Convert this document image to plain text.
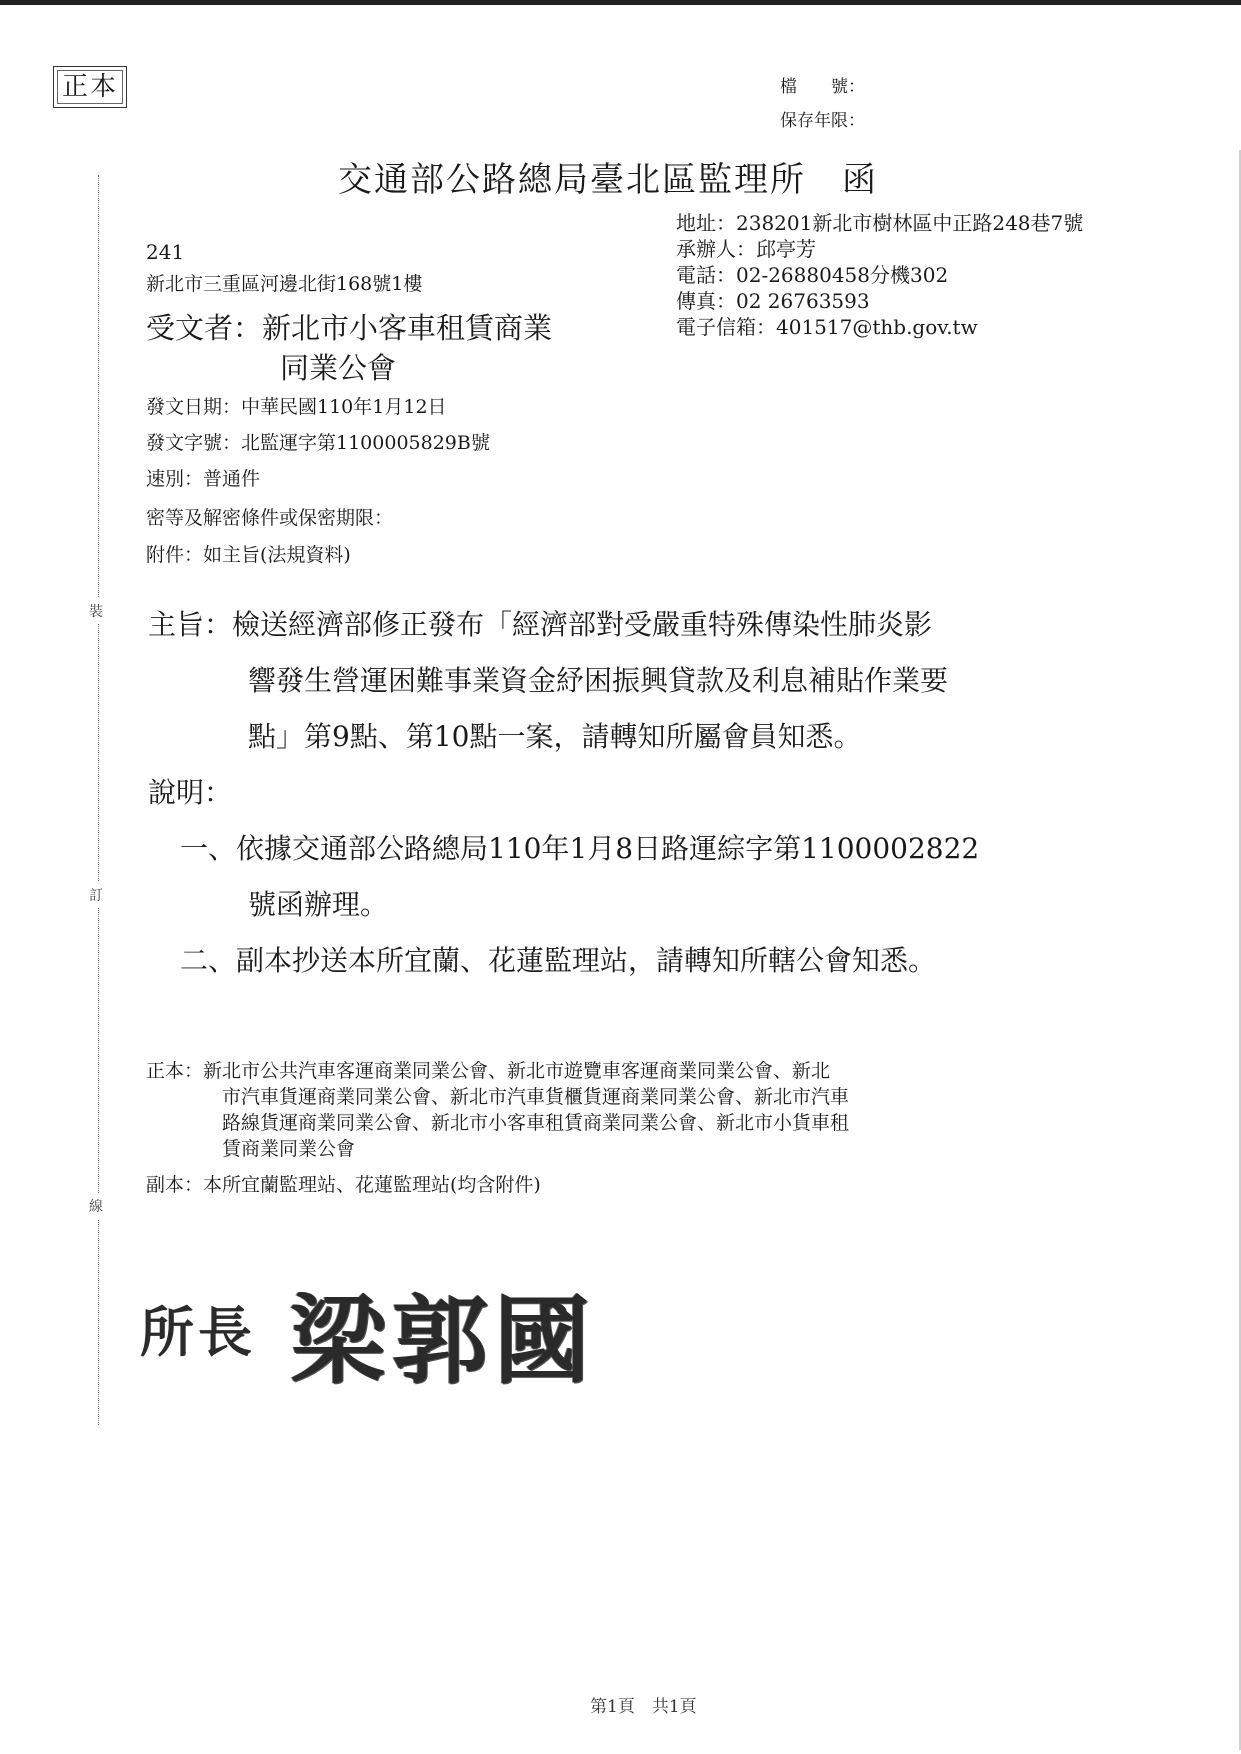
裝
訂
線
正本	檔　　號：
保存年限：
交通部公路總局臺北區監理所　函
地址：238201新北市樹林區中正路248巷7號
承辦人：邱亭芳
電話：02-26880458分機302
傳真：02 26763593
電子信箱：401517@thb.gov.tw
241
新北市三重區河邊北街168號1樓
受文者：新北市小客車租賃商業
同業公會
發文日期：中華民國110年1月12日
發文字號：北監運字第1100005829B號
速別：普通件
密等及解密條件或保密期限：
附件：如主旨(法規資料)
主旨：檢送經濟部修正發布「經濟部對受嚴重特殊傳染性肺炎影
響發生營運困難事業資金紓困振興貸款及利息補貼作業要
點」第9點、第10點一案，請轉知所屬會員知悉。
說明：
一、依據交通部公路總局110年1月8日路運綜字第1100002822
號函辦理。
二、副本抄送本所宜蘭、花蓮監理站，請轉知所轄公會知悉。
正本：新北市公共汽車客運商業同業公會、新北市遊覽車客運商業同業公會、新北
市汽車貨運商業同業公會、新北市汽車貨櫃貨運商業同業公會、新北市汽車
路線貨運商業同業公會、新北市小客車租賃商業同業公會、新北市小貨車租
賃商業同業公會
副本：本所宜蘭監理站、花蓮監理站(均含附件)
所長 梁郭國
第1頁　共1頁
